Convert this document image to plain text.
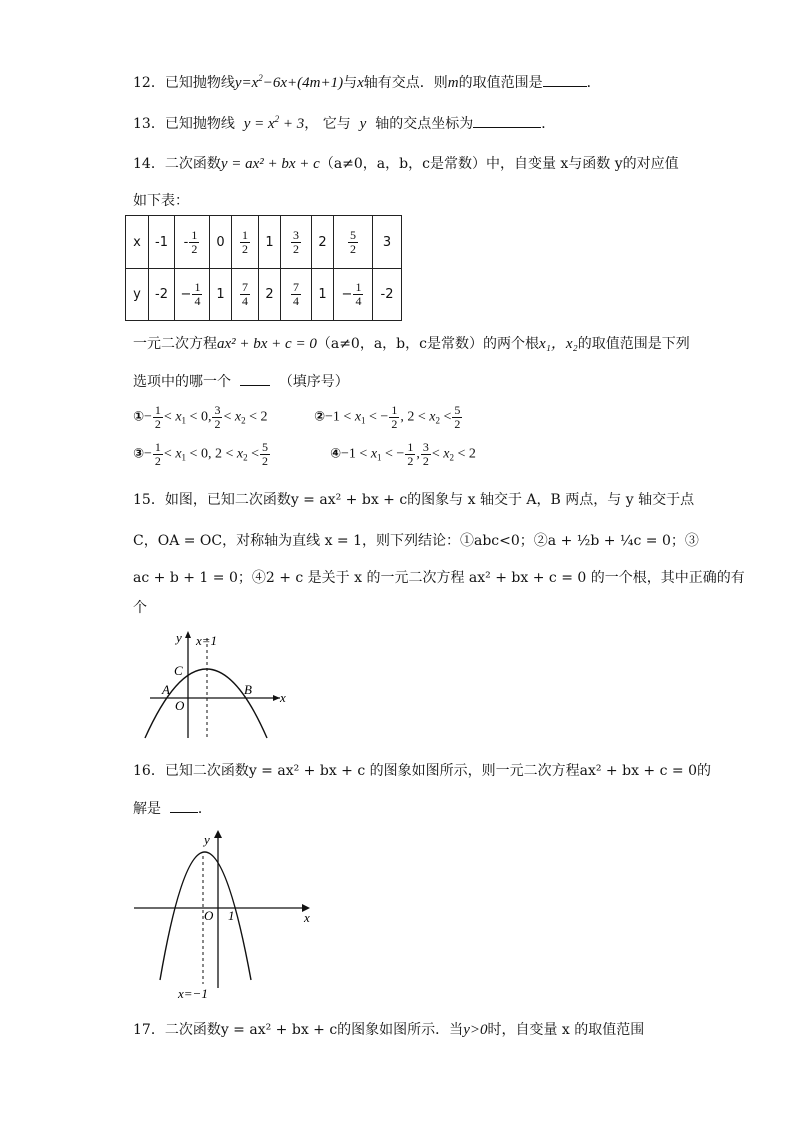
12．已知抛物线$y=x^2-6x+(4m+1)$与x轴有交点．则m的取值范围是	．
13．已知抛物线 $y = x^2 + 3$， 它与 y 轴的交点坐标为	．
14．二次函数y = ax² + bx + c（a≠0，a，b，c是常数）中，自变量 x与函数 y的对应值
如下表：
x	-1	- $\frac{1}{2}$	0	$\frac{1}{2}$	1	$\frac{3}{2}$	2	$\frac{5}{2}$	3
y	-2	− $\frac{1}{4}$	1	$\frac{7}{4}$	2	$\frac{7}{4}$	1	− $\frac{1}{4}$	-2
一元二次方程ax² + bx + c = 0（a≠0，a，b，c是常数）的两个根x₁，x₂的取值范围是下列
选项中的哪一个	（填序号）
①− $\frac{1}{2} < x_1 < 0$, $\frac{3}{2} < x_2 < 2$	②−1 < $x_1$ < − $\frac{1}{2}$ , $2 < x_2 < \frac{5}{2}$
③− $\frac{1}{2} < x_1 < 0$, $2 < x_2 < \frac{5}{2}$	④−1 < $x_1$ < − $\frac{1}{2}$ , $\frac{3}{2} < x_2 < 2$
15．如图，已知二次函数y = ax² + bx + c的图象与 x 轴交于 A，B 两点，与 y 轴交于点
C，OA = OC，对称轴为直线 x = 1，则下列结论：①abc<0；②a + ½b + ¼c = 0；③
ac + b + 1 = 0；④2 + c 是关于 x 的一元二次方程 ax² + bx + c = 0 的一个根，其中正确的有
个
y x=1
C
A
O
B
x
16．已知二次函数y = ax² + bx + c 的图象如图所示，则一元二次方程ax² + bx + c = 0的
解是	．
y
O 1	x
x=−1
17．二次函数y = ax² + bx + c的图象如图所示．当y>0时，自变量 x 的取值范围
